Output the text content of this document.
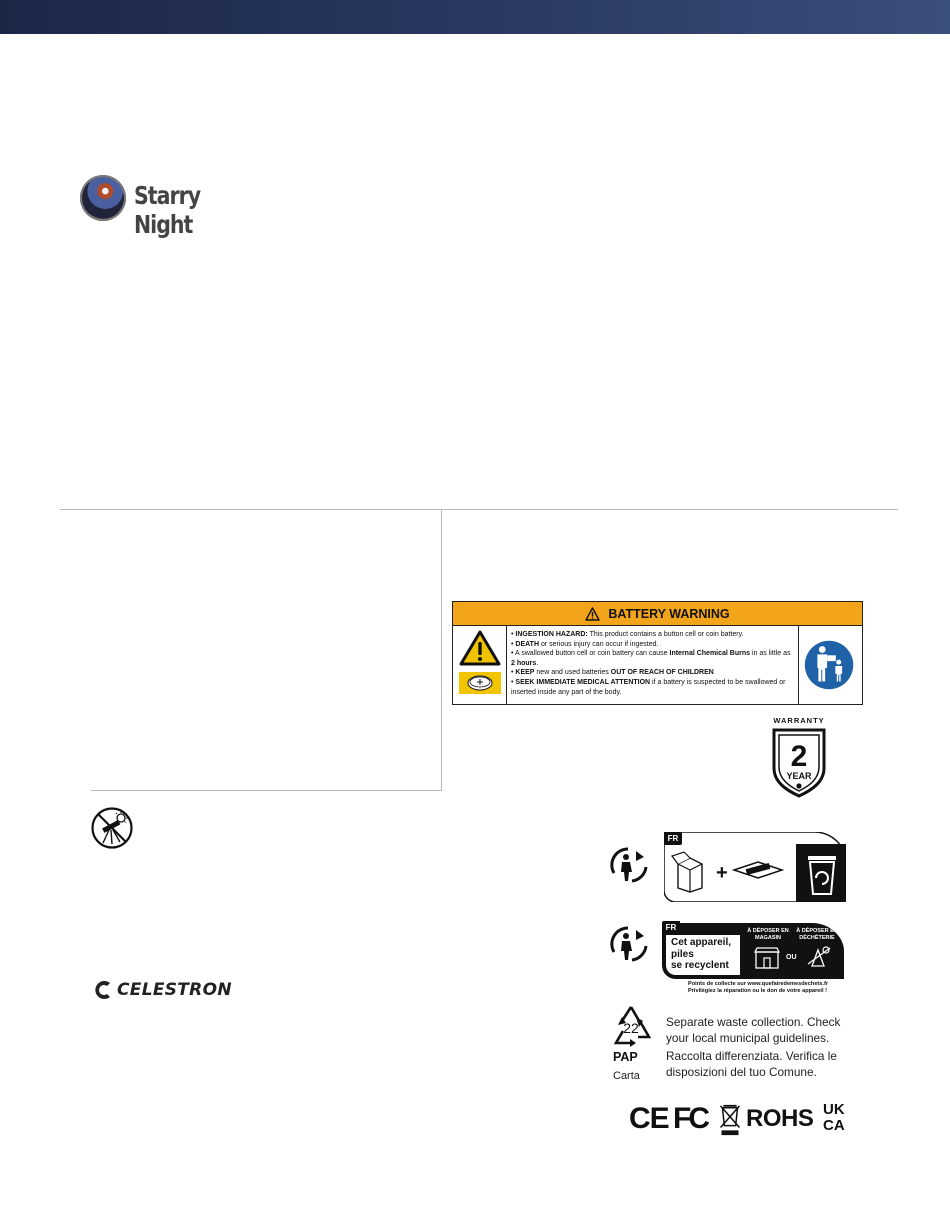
Starry Night
BATTERY WARNING
• INGESTION HAZARD: This product contains a button cell or coin battery.
• DEATH or serious injury can occur if ingested.
• A swallowed button cell or coin battery can cause Internal Chemical Burns in as little as 2 hours.
• KEEP new and used batteries OUT OF REACH OF CHILDREN
• SEEK IMMEDIATE MEDICAL ATTENTION if a battery is suspected to be swallowed or inserted inside any part of the body.
WARRANTY
2
YEAR
CELESTRON
+
FR
FR
Cet appareil,
piles
se recyclent
À DÉPOSER EN MAGASIN
À DÉPOSER EN DÉCHÈTERIE
OU
Points de collecte sur www.quefairedemesdechets.fr
Privilégiez la réparation ou le don de votre appareil !
22
PAP
Carta
Separate waste collection. Check your local municipal guidelines.
Raccolta differenziata. Verifica le disposizioni del tuo Comune.
CE FC ROHS UK
CA
